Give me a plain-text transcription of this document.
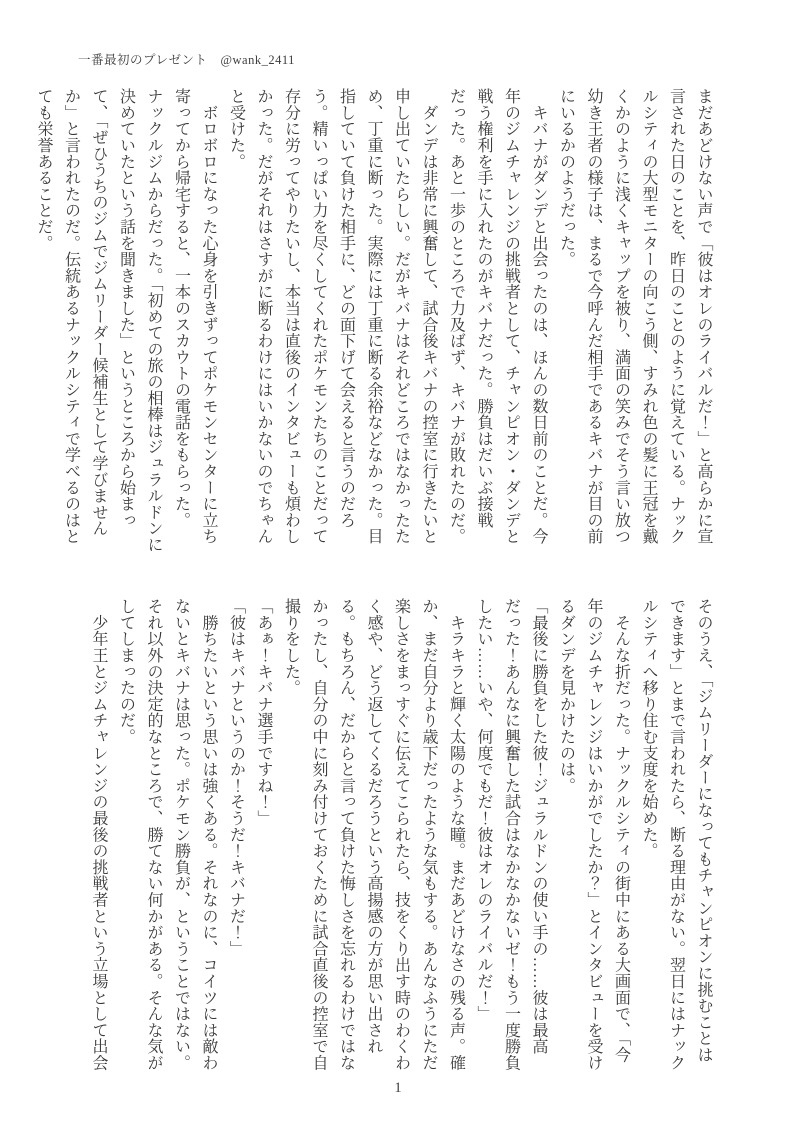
一番最初のプレゼント　@wank_2411

まだあどけない声で「彼はオレのライバルだ！」と高らかに宣言された日のことを、昨日のことのように覚えている。ナックルシティの大型モニターの向こう側、すみれ色の髪に王冠を戴くかのように浅くキャップを被り、満面の笑みでそう言い放つ幼き王者の様子は、まるで今呼んだ相手であるキバナが目の前にいるかのようだった。

　キバナがダンデと出会ったのは、ほんの数日前のことだ。今年のジムチャレンジの挑戦者として、チャンピオン・ダンデと戦う権利を手に入れたのがキバナだった。勝負はだいぶ接戦だった。あと一歩のところで力及ばず、キバナが敗れたのだ。

　ダンデは非常に興奮して、試合後キバナの控室に行きたいと申し出ていたらしい。だがキバナはそれどころではなかったため、丁重に断った。実際には丁重に断る余裕などなかった。目指していて負けた相手に、どの面下げて会えると言うのだろう。精いっぱい力を尽くしてくれたポケモンたちのことだって存分に労ってやりたいし、本当は直後のインタビューも煩わしかった。だがそれはさすがに断るわけにはいかないのでちゃんと受けた。

　ボロボロになった心身を引きずってポケモンセンターに立ち寄ってから帰宅すると、一本のスカウトの電話をもらった。ナックルジムからだった。「初めての旅の相棒はジュラルドンに決めていたという話を聞きました」というところから始まって、「ぜひうちのジムでジムリーダー候補生として学びませんか」と言われたのだ。伝統あるナックルシティで学べるのはとても栄誉あることだ。

そのうえ、「ジムリーダーになってもチャンピオンに挑むことはできます」とまで言われたら、断る理由がない。翌日にはナックルシティへ移り住む支度を始めた。

　そんな折だった。ナックルシティの街中にある大画面で、「今年のジムチャレンジはいかがでしたか？」とインタビューを受けるダンデを見かけたのは。

「最後に勝負をした彼！ジュラルドンの使い手の……彼は最高だった！あんなに興奮した試合はなかなかないゼ！もう一度勝負したい……いや、何度でもだ！彼はオレのライバルだ！」

　キラキラと輝く太陽のような瞳。まだあどけなさの残る声。確か、まだ自分より歳下だったような気もする。あんなふうにただ楽しさをまっすぐに伝えてこられたら、技をくり出す時のわくわく感や、どう返してくるだろうという高揚感の方が思い出される。もちろん、だからと言って負けた悔しさを忘れるわけではなかったし、自分の中に刻み付けておくために試合直後の控室で自撮りをした。

「あぁ！キバナ選手ですね！」

「彼はキバナというのか！そうだ！キバナだ！」

　勝ちたいという思いは強くある。それなのに、コイツには敵わないとキバナは思った。ポケモン勝負が、ということではない。それ以外の決定的なところで、勝てない何かがある。そんな気がしてしまったのだ。

　少年王とジムチャレンジの最後の挑戦者という立場として出会

1
